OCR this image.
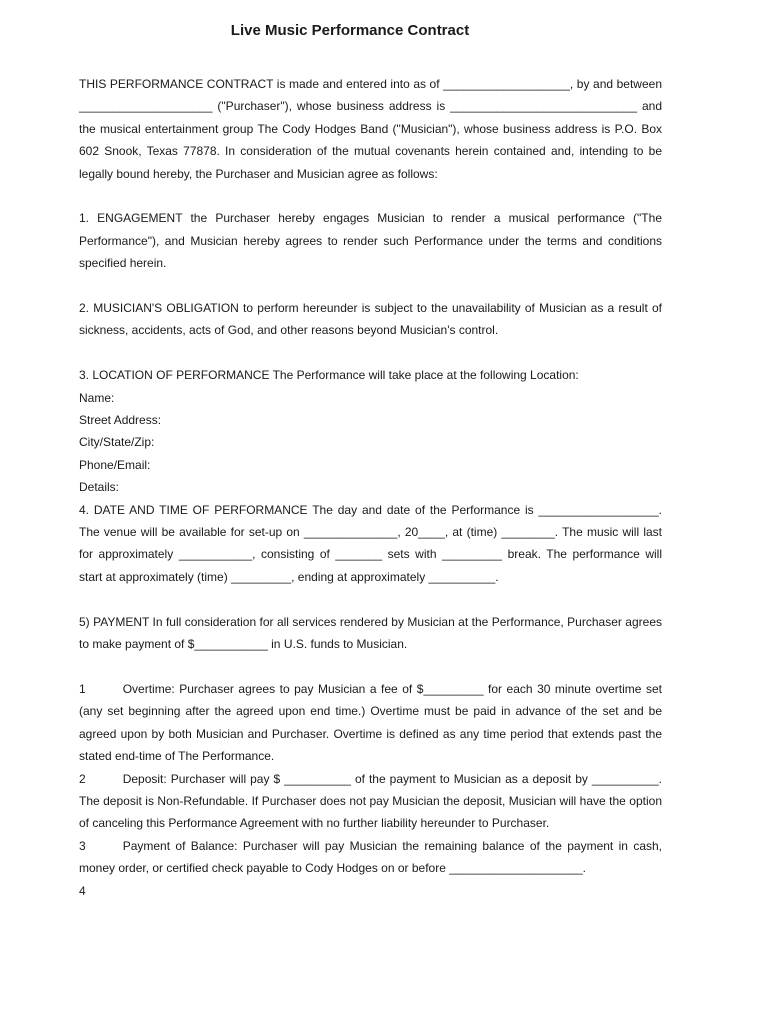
Live Music Performance Contract

THIS PERFORMANCE CONTRACT is made and entered into as of ___________________, by and between ____________________ ("Purchaser"), whose business address is ____________________________ and the musical entertainment group The Cody Hodges Band ("Musician"), whose business address is P.O. Box 602 Snook, Texas 77878. In consideration of the mutual covenants herein contained and, intending to be legally bound hereby, the Purchaser and Musician agree as follows:

1. ENGAGEMENT the Purchaser hereby engages Musician to render a musical performance ("The Performance"), and Musician hereby agrees to render such Performance under the terms and conditions specified herein.

2. MUSICIAN'S OBLIGATION to perform hereunder is subject to the unavailability of Musician as a result of sickness, accidents, acts of God, and other reasons beyond Musician's control.

3. LOCATION OF PERFORMANCE The Performance will take place at the following Location:

Name:

Street Address:

City/State/Zip:

Phone/Email:

Details:

4. DATE AND TIME OF PERFORMANCE The day and date of the Performance is __________________. The venue will be available for set-up on ______________, 20____, at (time) ________. The music will last for approximately ___________, consisting of _______ sets with _________ break. The performance will start at approximately (time) _________, ending at approximately __________.

5) PAYMENT In full consideration for all services rendered by Musician at the Performance, Purchaser agrees to make payment of $___________ in U.S. funds to Musician.

1	Overtime: Purchaser agrees to pay Musician a fee of $_________ for each 30 minute overtime set (any set beginning after the agreed upon end time.) Overtime must be paid in advance of the set and be agreed upon by both Musician and Purchaser. Overtime is defined as any time period that extends past the stated end-time of The Performance.

2	Deposit: Purchaser will pay $ __________ of the payment to Musician as a deposit by __________. The deposit is Non-Refundable. If Purchaser does not pay Musician the deposit, Musician will have the option of canceling this Performance Agreement with no further liability hereunder to Purchaser.

3	Payment of Balance: Purchaser will pay Musician the remaining balance of the payment in cash, money order, or certified check payable to Cody Hodges on or before ____________________.

4
